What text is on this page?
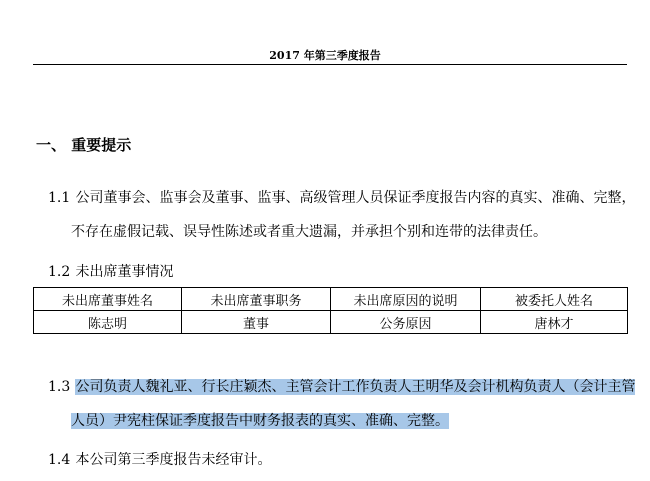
2017 年第三季度报告
一、 重要提示
1.1 公司董事会、监事会及董事、监事、高级管理人员保证季度报告内容的真实、准确、完整，
不存在虚假记载、误导性陈述或者重大遗漏，并承担个别和连带的法律责任。
1.2 未出席董事情况
未出席董事姓名	未出席董事职务	未出席原因的说明	被委托人姓名
陈志明	董事	公务原因	唐林才
1.3 公司负责人魏礼亚、行长庄颖杰、主管会计工作负责人王明华及会计机构负责人（会计主管
人员）尹宪柱保证季度报告中财务报表的真实、准确、完整。
1.4 本公司第三季度报告未经审计。
